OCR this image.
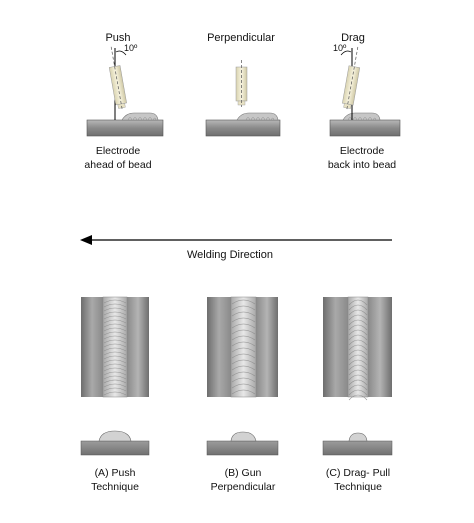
Push	Perpendicular	Drag
10º	10º
Electrode
ahead of bead
Electrode
back into bead
Welding Direction
(A) Push
Technique
(B) Gun
Perpendicular
(C) Drag- Pull
Technique
